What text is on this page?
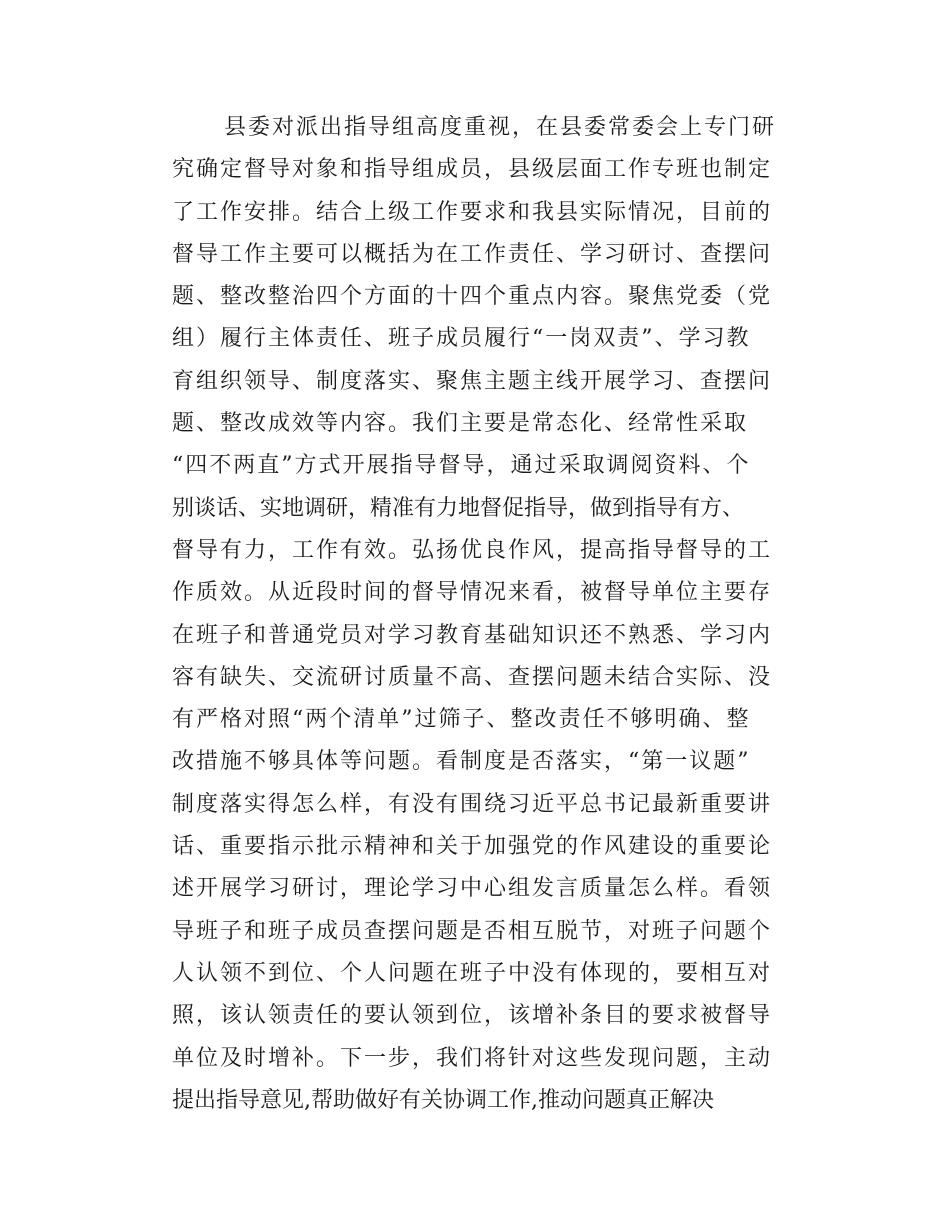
县委对派出指导组高度重视，在县委常委会上专门研
究确定督导对象和指导组成员，县级层面工作专班也制定
了工作安排。结合上级工作要求和我县实际情况，目前的
督导工作主要可以概括为在工作责任、学习研讨、查摆问
题、整改整治四个方面的十四个重点内容。聚焦党委（党
组）履行主体责任、班子成员履行“一岗双责”、学习教
育组织领导、制度落实、聚焦主题主线开展学习、查摆问
题、整改成效等内容。我们主要是常态化、经常性采取
“四不两直”方式开展指导督导，通过采取调阅资料、个
别谈话、实地调研，精准有力地督促指导，做到指导有方、
督导有力，工作有效。弘扬优良作风，提高指导督导的工
作质效。从近段时间的督导情况来看，被督导单位主要存
在班子和普通党员对学习教育基础知识还不熟悉、学习内
容有缺失、交流研讨质量不高、查摆问题未结合实际、没
有严格对照“两个清单”过筛子、整改责任不够明确、整
改措施不够具体等问题。看制度是否落实，“第一议题”
制度落实得怎么样，有没有围绕习近平总书记最新重要讲
话、重要指示批示精神和关于加强党的作风建设的重要论
述开展学习研讨，理论学习中心组发言质量怎么样。看领
导班子和班子成员查摆问题是否相互脱节，对班子问题个
人认领不到位、个人问题在班子中没有体现的，要相互对
照，该认领责任的要认领到位，该增补条目的要求被督导
单位及时增补。下一步，我们将针对这些发现问题，主动
提出指导意见,帮助做好有关协调工作,推动问题真正解决
